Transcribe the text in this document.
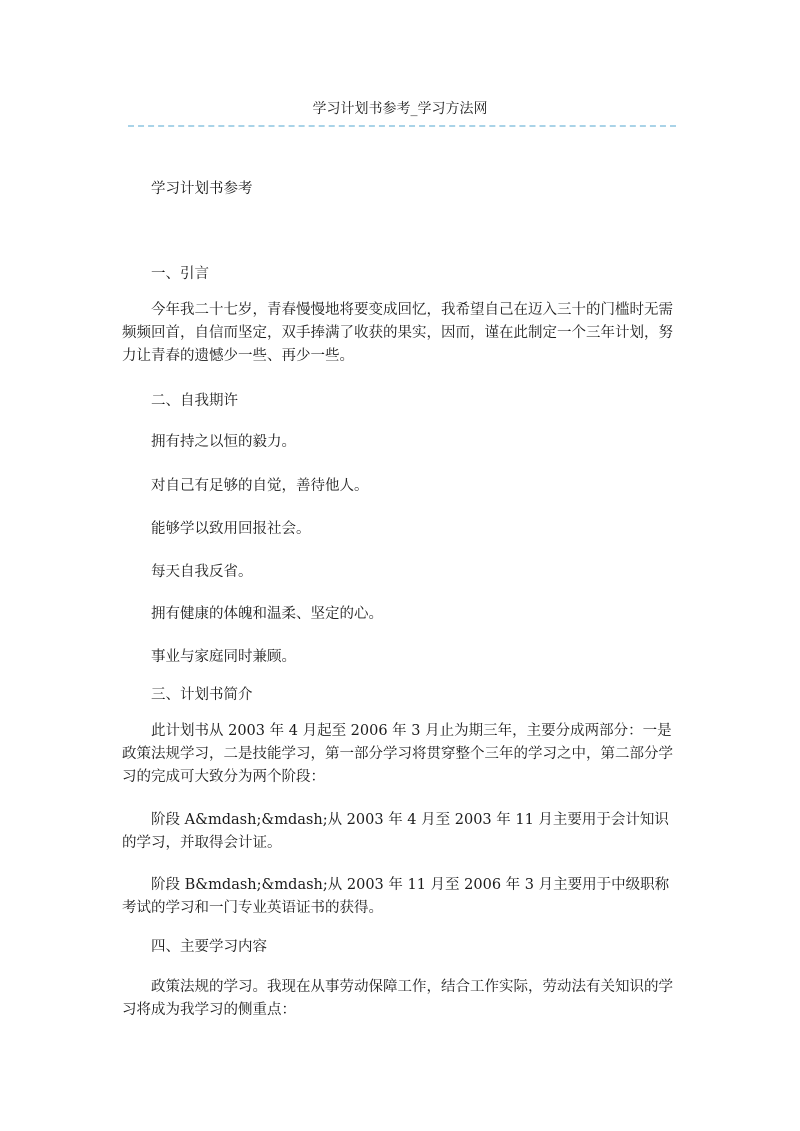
学习计划书参考_学习方法网

学习计划书参考

一、引言

今年我二十七岁，青春慢慢地将要变成回忆，我希望自己在迈入三十的门槛时无需频频回首，自信而坚定，双手捧满了收获的果实，因而，谨在此制定一个三年计划，努力让青春的遗憾少一些、再少一些。

二、自我期许

拥有持之以恒的毅力。

对自己有足够的自觉，善待他人。

能够学以致用回报社会。

每天自我反省。

拥有健康的体魄和温柔、坚定的心。

事业与家庭同时兼顾。

三、计划书简介

此计划书从 2003 年 4 月起至 2006 年 3 月止为期三年，主要分成两部分：一是政策法规学习，二是技能学习，第一部分学习将贯穿整个三年的学习之中，第二部分学习的完成可大致分为两个阶段：

阶段 A&mdash;&mdash;从 2003 年 4 月至 2003 年 11 月主要用于会计知识的学习，并取得会计证。

阶段 B&mdash;&mdash;从 2003 年 11 月至 2006 年 3 月主要用于中级职称考试的学习和一门专业英语证书的获得。

四、主要学习内容

政策法规的学习。我现在从事劳动保障工作，结合工作实际，劳动法有关知识的学习将成为我学习的侧重点：
